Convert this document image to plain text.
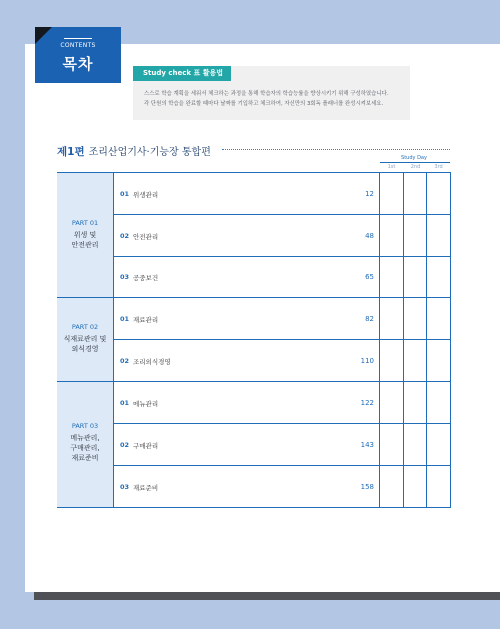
CONTENTS
목차	Study check 표 활용법
스스로 학습 계획을 세워서 체크하는 과정을 통해 학습자의 학습능률을 향상시키기 위해 구성하였습니다.
각 단원의 학습을 완료할 때마다 날짜를 기입하고 체크하여, 자신만의 3회독 플래너를 완성시켜보세요.
제1편 조리산업기사·기능장 통합편	Study Day
1st	2nd	3rd
PART 01
위생 및
안전관리
01 위생관리	12
02 안전관리	48
03 공중보건	65
PART 02
식재료관리 및
외식경영
01 재료관리	82
02 조리외식경영	110
PART 03
메뉴관리,
구매관리,
재료준비
01 메뉴관리	122
02 구매관리	143
03 재료준비	158
